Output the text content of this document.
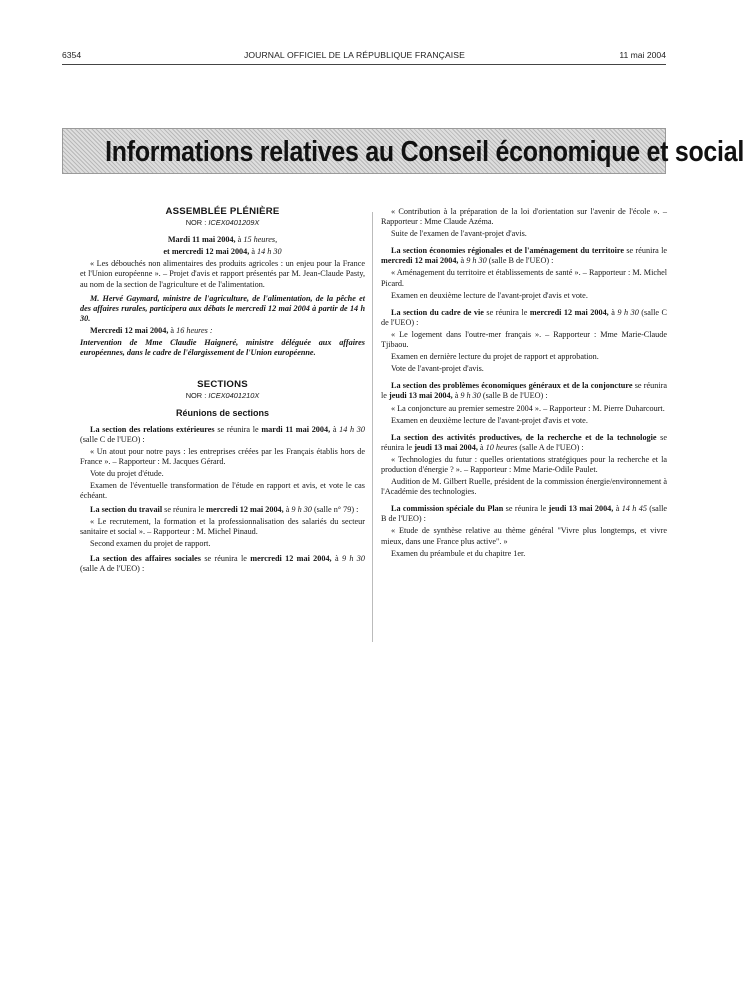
6354	JOURNAL OFFICIEL DE LA RÉPUBLIQUE FRANÇAISE	11 mai 2004
Informations relatives au Conseil économique et social

ASSEMBLÉE PLÉNIÈRE

NOR : ICEX0401209X

Mardi 11 mai 2004, à 15 heures,

et mercredi 12 mai 2004, à 14 h 30

« Les débouchés non alimentaires des produits agricoles : un enjeu pour la France et l'Union européenne ». – Projet d'avis et rapport présentés par M. Jean-Claude Pasty, au nom de la section de l'agriculture et de l'alimentation.

M. Hervé Gaymard, ministre de l'agriculture, de l'alimentation, de la pêche et des affaires rurales, participera aux débats le mercredi 12 mai 2004 à partir de 14 h 30.

Mercredi 12 mai 2004, à 16 heures :

Intervention de Mme Claudie Haigneré, ministre déléguée aux affaires européennes, dans le cadre de l'élargissement de l'Union européenne.

SECTIONS

NOR : ICEX0401210X

Réunions de sections

La section des relations extérieures se réunira le mardi 11 mai 2004, à 14 h 30 (salle C de l'UEO) :

« Un atout pour notre pays : les entreprises créées par les Français établis hors de France ». – Rapporteur : M. Jacques Gérard.

Vote du projet d'étude.

Examen de l'éventuelle transformation de l'étude en rapport et avis, et vote le cas échéant.

La section du travail se réunira le mercredi 12 mai 2004, à 9 h 30 (salle n° 79) :

« Le recrutement, la formation et la professionnalisation des salariés du secteur sanitaire et social ». – Rapporteur : M. Michel Pinaud.

Second examen du projet de rapport.

La section des affaires sociales se réunira le mercredi 12 mai 2004, à 9 h 30 (salle A de l'UEO) :

« Contribution à la préparation de la loi d'orientation sur l'avenir de l'école ». – Rapporteur : Mme Claude Azéma.

Suite de l'examen de l'avant-projet d'avis.

La section économies régionales et de l'aménagement du territoire se réunira le mercredi 12 mai 2004, à 9 h 30 (salle B de l'UEO) :

« Aménagement du territoire et établissements de santé ». – Rapporteur : M. Michel Picard.

Examen en deuxième lecture de l'avant-projet d'avis et vote.

La section du cadre de vie se réunira le mercredi 12 mai 2004, à 9 h 30 (salle C de l'UEO) :

« Le logement dans l'outre-mer français ». – Rapporteur : Mme Marie-Claude Tjibaou.

Examen en dernière lecture du projet de rapport et approbation.

Vote de l'avant-projet d'avis.

La section des problèmes économiques généraux et de la conjoncture se réunira le jeudi 13 mai 2004, à 9 h 30 (salle B de l'UEO) :

« La conjoncture au premier semestre 2004 ». – Rapporteur : M. Pierre Duharcourt.

Examen en deuxième lecture de l'avant-projet d'avis et vote.

La section des activités productives, de la recherche et de la technologie se réunira le jeudi 13 mai 2004, à 10 heures (salle A de l'UEO) :

« Technologies du futur : quelles orientations stratégiques pour la recherche et la production d'énergie ? ». – Rapporteur : Mme Marie-Odile Paulet.

Audition de M. Gilbert Ruelle, président de la commission énergie/environnement à l'Académie des technologies.

La commission spéciale du Plan se réunira le jeudi 13 mai 2004, à 14 h 45 (salle B de l'UEO) :

« Etude de synthèse relative au thème général "Vivre plus longtemps, et vivre mieux, dans une France plus active". »

Examen du préambule et du chapitre 1er.
